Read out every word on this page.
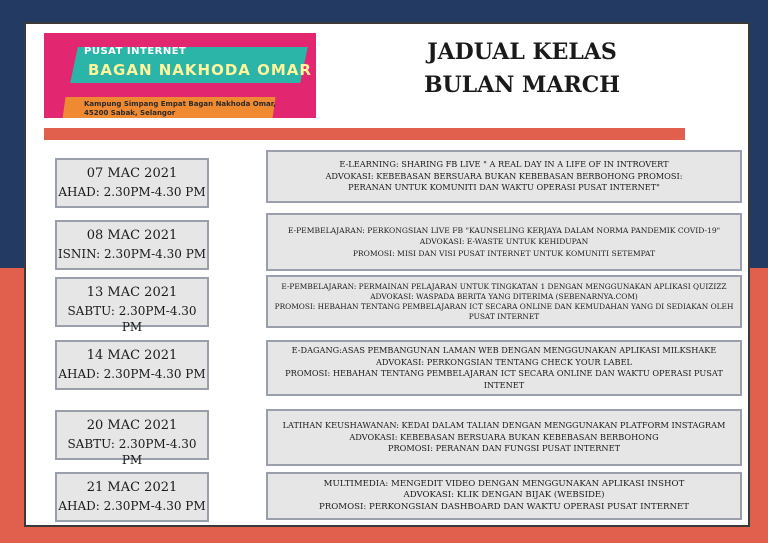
PUSAT INTERNET
BAGAN NAKHODA OMAR
Kampung Simpang Empat Bagan Nakhoda Omar,
45200 Sabak, Selangor
JADUAL KELAS
BULAN MARCH
07 MAC 2021
AHAD: 2.30PM-4.30 PM
E-LEARNING: SHARING FB LIVE " A REAL DAY IN A LIFE OF IN INTROVERT
ADVOKASI: KEBEBASAN BERSUARA BUKAN KEBEBASAN BERBOHONG PROMOSI:
PERANAN UNTUK KOMUNITI DAN WAKTU OPERASI PUSAT INTERNET"
08 MAC 2021
ISNIN: 2.30PM-4.30 PM
E-PEMBELAJARAN: PERKONGSIAN LIVE FB "KAUNSELING KERJAYA DALAM NORMA PANDEMIK COVID-19"
ADVOKASI: E-WASTE UNTUK KEHIDUPAN
PROMOSI: MISI DAN VISI PUSAT INTERNET UNTUK KOMUNITI SETEMPAT
13 MAC 2021
SABTU: 2.30PM-4.30 PM
E-PEMBELAJARAN: PERMAINAN PELAJARAN UNTUK TINGKATAN 1 DENGAN MENGGUNAKAN APLIKASI QUIZIZZ
ADVOKASI: WASPADA BERITA YANG DITERIMA (SEBENARNYA.COM)
PROMOSI: HEBAHAN TENTANG PEMBELAJARAN ICT SECARA ONLINE DAN KEMUDAHAN YANG DI SEDIAKAN OLEH PUSAT INTERNET
14 MAC 2021
AHAD: 2.30PM-4.30 PM
E-DAGANG:ASAS PEMBANGUNAN LAMAN WEB DENGAN MENGGUNAKAN APLIKASI MILKSHAKE
ADVOKASI: PERKONGSIAN TENTANG CHECK YOUR LABEL
PROMOSI: HEBAHAN TENTANG PEMBELAJARAN ICT SECARA ONLINE DAN WAKTU OPERASI PUSAT INTENET
20 MAC 2021
SABTU: 2.30PM-4.30 PM
LATIHAN KEUSHAWANAN: KEDAI DALAM TALIAN DENGAN MENGGUNAKAN PLATFORM INSTAGRAM
ADVOKASI: KEBEBASAN BERSUARA BUKAN KEBEBASAN BERBOHONG
PROMOSI: PERANAN DAN FUNGSI PUSAT INTERNET
21 MAC 2021
AHAD: 2.30PM-4.30 PM
MULTIMEDIA: MENGEDIT VIDEO DENGAN MENGGUNAKAN APLIKASI INSHOT
ADVOKASI: KLIK DENGAN BIJAK (WEBSIDE)
PROMOSI: PERKONGSIAN DASHBOARD DAN WAKTU OPERASI PUSAT INTERNET
